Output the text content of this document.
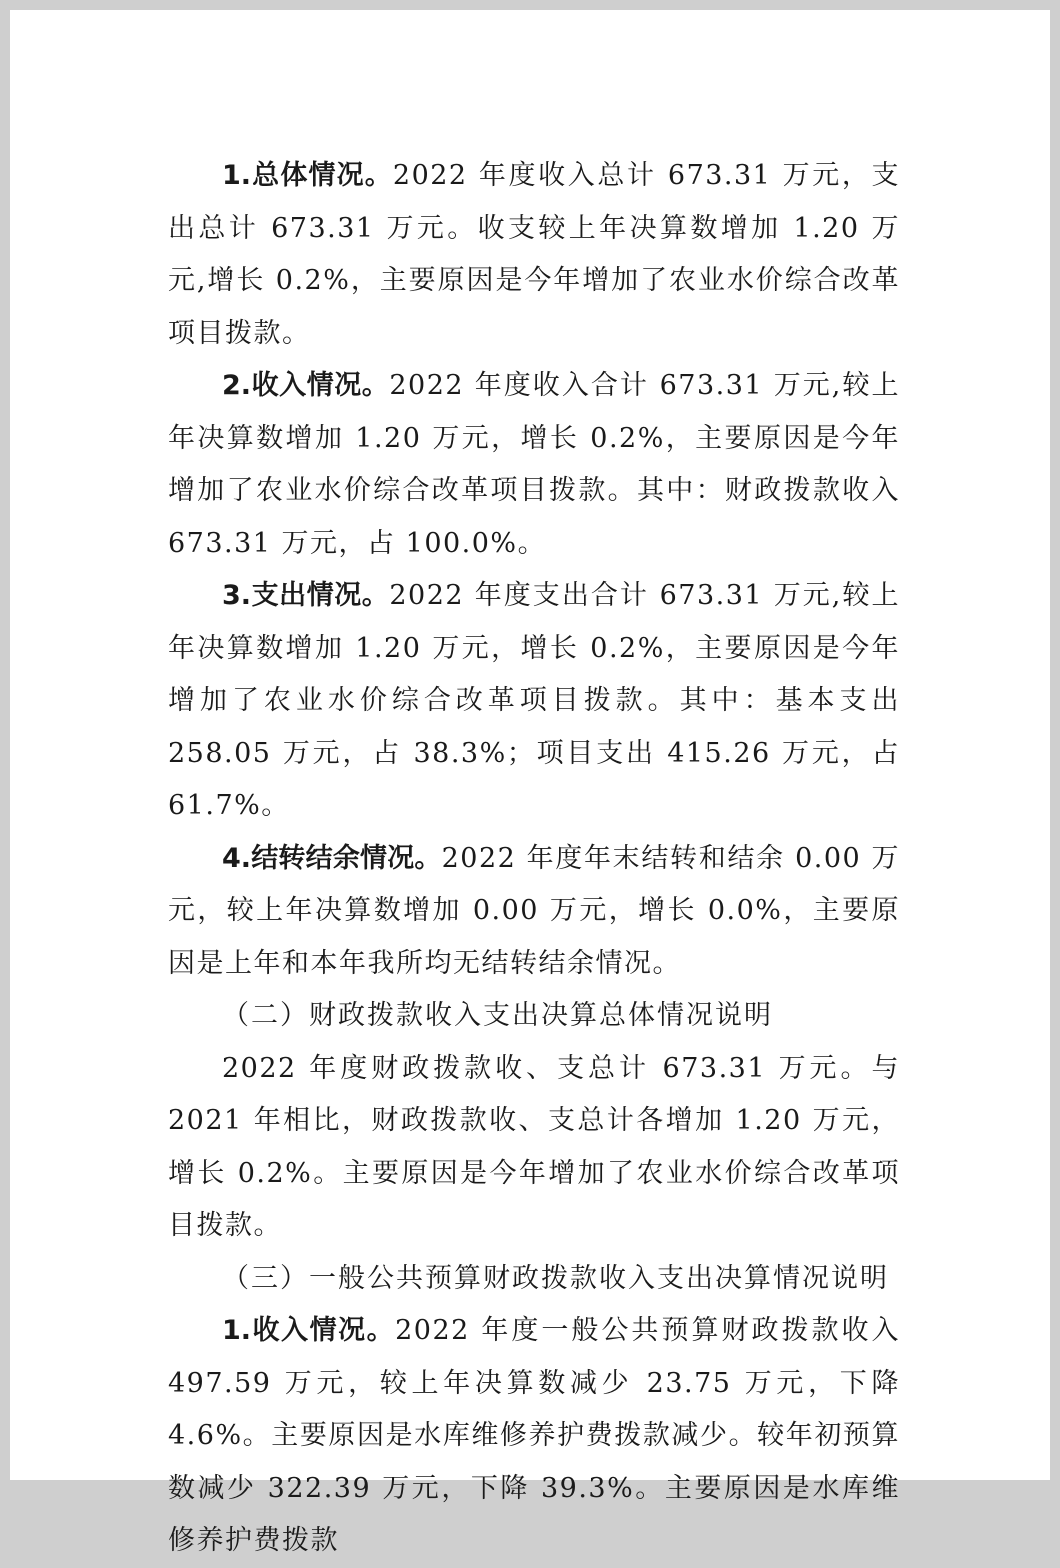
1.总体情况。2022 年度收入总计 673.31 万元，支出总计 673.31 万元。收支较上年决算数增加 1.20 万元,增长 0.2%，主要原因是今年增加了农业水价综合改革项目拨款。

2.收入情况。2022 年度收入合计 673.31 万元,较上年决算数增加 1.20 万元，增长 0.2%，主要原因是今年增加了农业水价综合改革项目拨款。其中：财政拨款收入 673.31 万元，占 100.0%。

3.支出情况。2022 年度支出合计 673.31 万元,较上年决算数增加 1.20 万元，增长 0.2%，主要原因是今年增加了农业水价综合改革项目拨款。其中：基本支出 258.05 万元，占 38.3%；项目支出 415.26 万元，占 61.7%。

4.结转结余情况。2022 年度年末结转和结余 0.00 万元，较上年决算数增加 0.00 万元，增长 0.0%，主要原因是上年和本年我所均无结转结余情况。

（二）财政拨款收入支出决算总体情况说明

2022 年度财政拨款收、支总计 673.31 万元。与 2021 年相比，财政拨款收、支总计各增加 1.20 万元，增长 0.2%。主要原因是今年增加了农业水价综合改革项目拨款。

（三）一般公共预算财政拨款收入支出决算情况说明

1.收入情况。2022 年度一般公共预算财政拨款收入 497.59 万元，较上年决算数减少 23.75 万元，下降 4.6%。主要原因是水库维修养护费拨款减少。较年初预算数减少 322.39 万元，下降 39.3%。主要原因是水库维修养护费拨款
